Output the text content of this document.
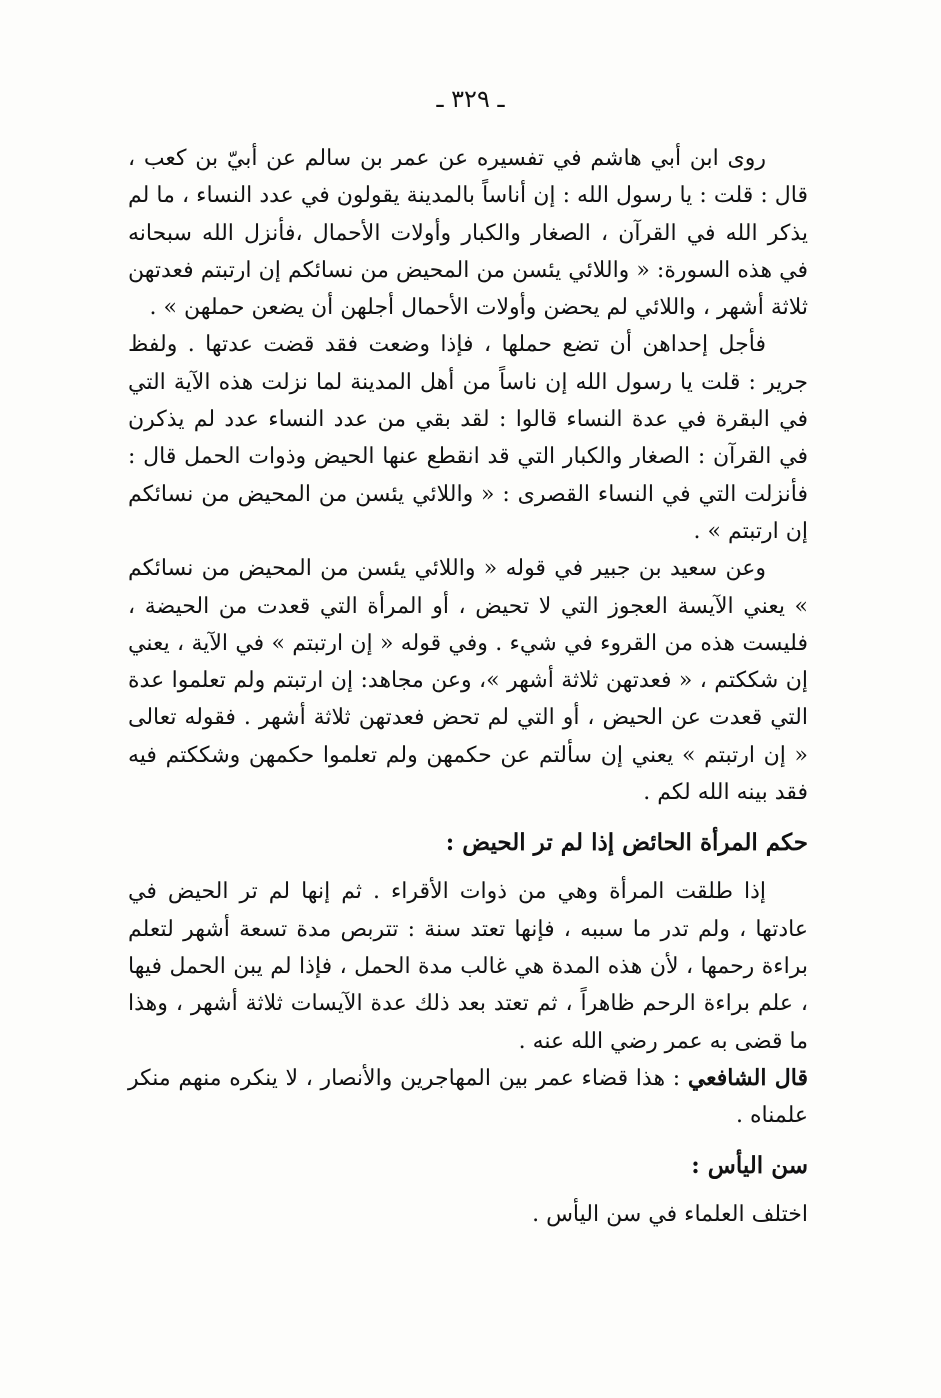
ـ ٣٢٩ ـ

روى ابن أبي هاشم في تفسيره عن عمر بن سالم عن أبيّ بن كعب ، قال : قلت : يا رسول الله : إن أناساً بالمدينة يقولون في عدد النساء ، ما لم يذكر الله في القرآن ، الصغار والكبار وأولات الأحمال ،فأنزل الله سبحانه في هذه السورة: « واللائي يئسن من المحيض من نسائكم إن ارتبتم فعدتهن ثلاثة أشهر ، واللائي لم يحضن وأولات الأحمال أجلهن أن يضعن حملهن » .

فأجل إحداهن أن تضع حملها ، فإذا وضعت فقد قضت عدتها . ولفظ جرير : قلت يا رسول الله إن ناساً من أهل المدينة لما نزلت هذه الآية التي في البقرة في عدة النساء قالوا : لقد بقي من عدد النساء عدد لم يذكرن في القرآن : الصغار والكبار التي قد انقطع عنها الحيض وذوات الحمل قال : فأنزلت التي في النساء القصرى : « واللائي يئسن من المحيض من نسائكم إن ارتبتم » .

وعن سعيد بن جبير في قوله « واللائي يئسن من المحيض من نسائكم » يعني الآيسة العجوز التي لا تحيض ، أو المرأة التي قعدت من الحيضة ، فليست هذه من القروء في شيء . وفي قوله « إن ارتبتم » في الآية ، يعني إن شككتم ، « فعدتهن ثلاثة أشهر »، وعن مجاهد: إن ارتبتم ولم تعلموا عدة التي قعدت عن الحيض ، أو التي لم تحض فعدتهن ثلاثة أشهر . فقوله تعالى « إن ارتبتم » يعني إن سألتم عن حكمهن ولم تعلموا حكمهن وشككتم فيه فقد بينه الله لكم .

حكم المرأة الحائض إذا لم تر الحيض :

إذا طلقت المرأة وهي من ذوات الأقراء . ثم إنها لم تر الحيض في عادتها ، ولم تدر ما سببه ، فإنها تعتد سنة : تتربص مدة تسعة أشهر لتعلم براءة رحمها ، لأن هذه المدة هي غالب مدة الحمل ، فإذا لم يبن الحمل فيها ، علم براءة الرحم ظاهراً ، ثم تعتد بعد ذلك عدة الآيسات ثلاثة أشهر ، وهذا ما قضى به عمر رضي الله عنه .

قال الشافعي : هذا قضاء عمر بين المهاجرين والأنصار ، لا ينكره منهم منكر علمناه .

سن اليأس :

اختلف العلماء في سن اليأس .
